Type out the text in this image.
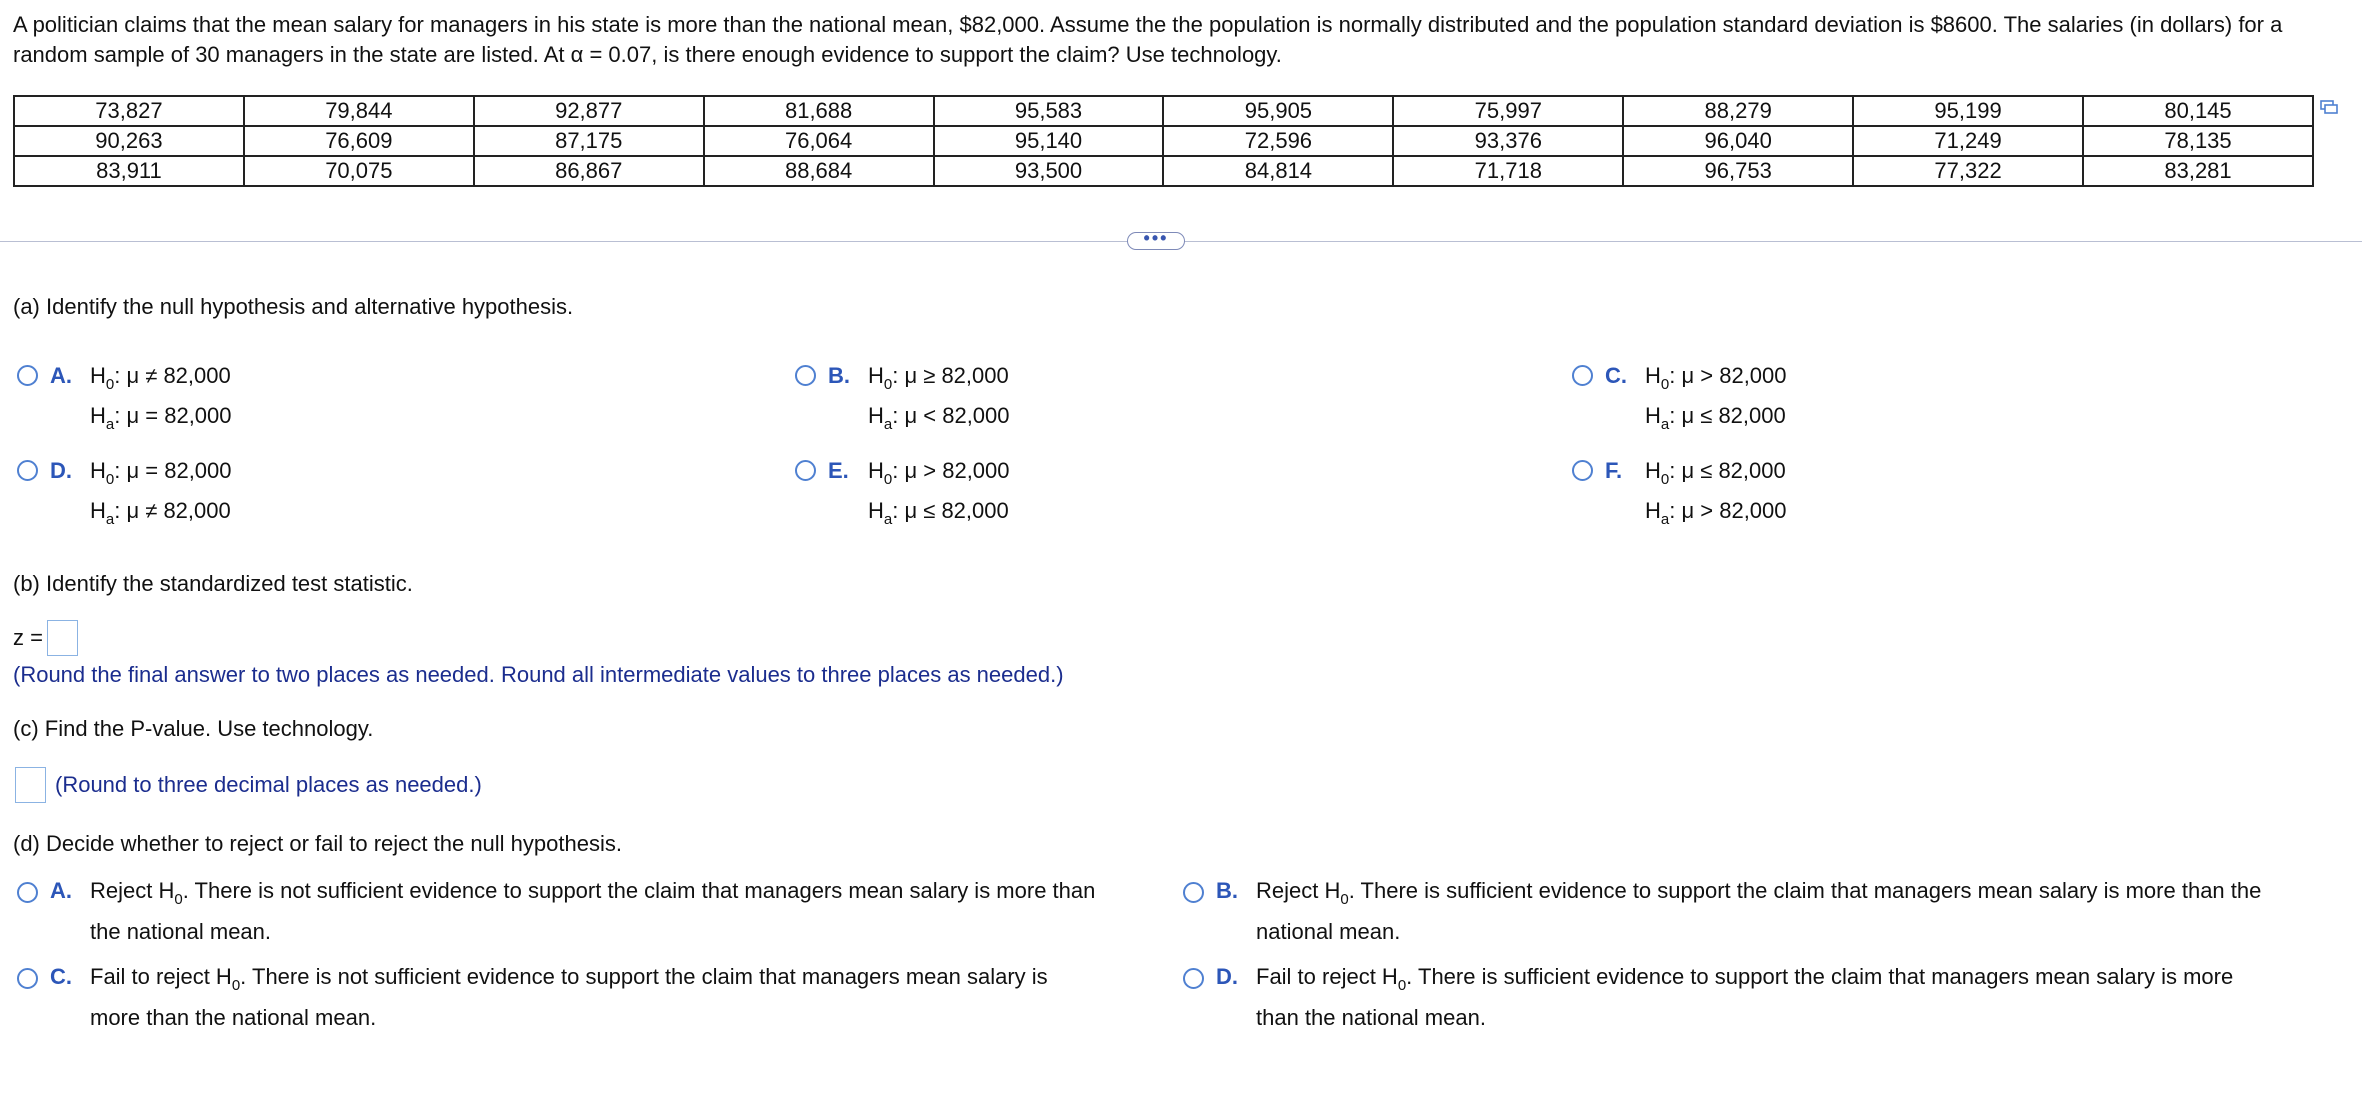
A politician claims that the mean salary for managers in his state is more than the national mean, $82,000. Assume the the population is normally distributed and the population standard deviation is $8600. The salaries (in dollars) for a random sample of 30 managers in the state are listed. At α = 0.07, is there enough evidence to support the claim? Use technology.
73,827	79,844	92,877	81,688	95,583	95,905	75,997	88,279	95,199	80,145
90,263	76,609	87,175	76,064	95,140	72,596	93,376	96,040	71,249	78,135
83,911	70,075	86,867	88,684	93,500	84,814	71,718	96,753	77,322	83,281
•••
(a) Identify the null hypothesis and alternative hypothesis.
A. $H_0$: μ ≠ 82,000
$H_a$: μ = 82,000
B. $H_0$: μ ≥ 82,000
$H_a$: μ < 82,000
C. $H_0$: μ > 82,000
$H_a$: μ ≤ 82,000
D. $H_0$: μ = 82,000
$H_a$: μ ≠ 82,000
E. $H_0$: μ > 82,000
$H_a$: μ ≤ 82,000
F.	$H_0$: μ ≤ 82,000
$H_a$: μ > 82,000
(b) Identify the standardized test statistic.
z =
(Round the final answer to two places as needed. Round all intermediate values to three places as needed.)
(c) Find the P-value. Use technology.
(Round to three decimal places as needed.)
(d) Decide whether to reject or fail to reject the null hypothesis.
A. Reject $H_0$. There is not sufficient evidence to support the claim that managers mean salary is more than
the national mean.
B. Reject $H_0$. There is sufficient evidence to support the claim that managers mean salary is more than the
national mean.
C. Fail to reject $H_0$. There is not sufficient evidence to support the claim that managers mean salary is
more than the national mean.
D. Fail to reject $H_0$. There is sufficient evidence to support the claim that managers mean salary is more
than the national mean.
